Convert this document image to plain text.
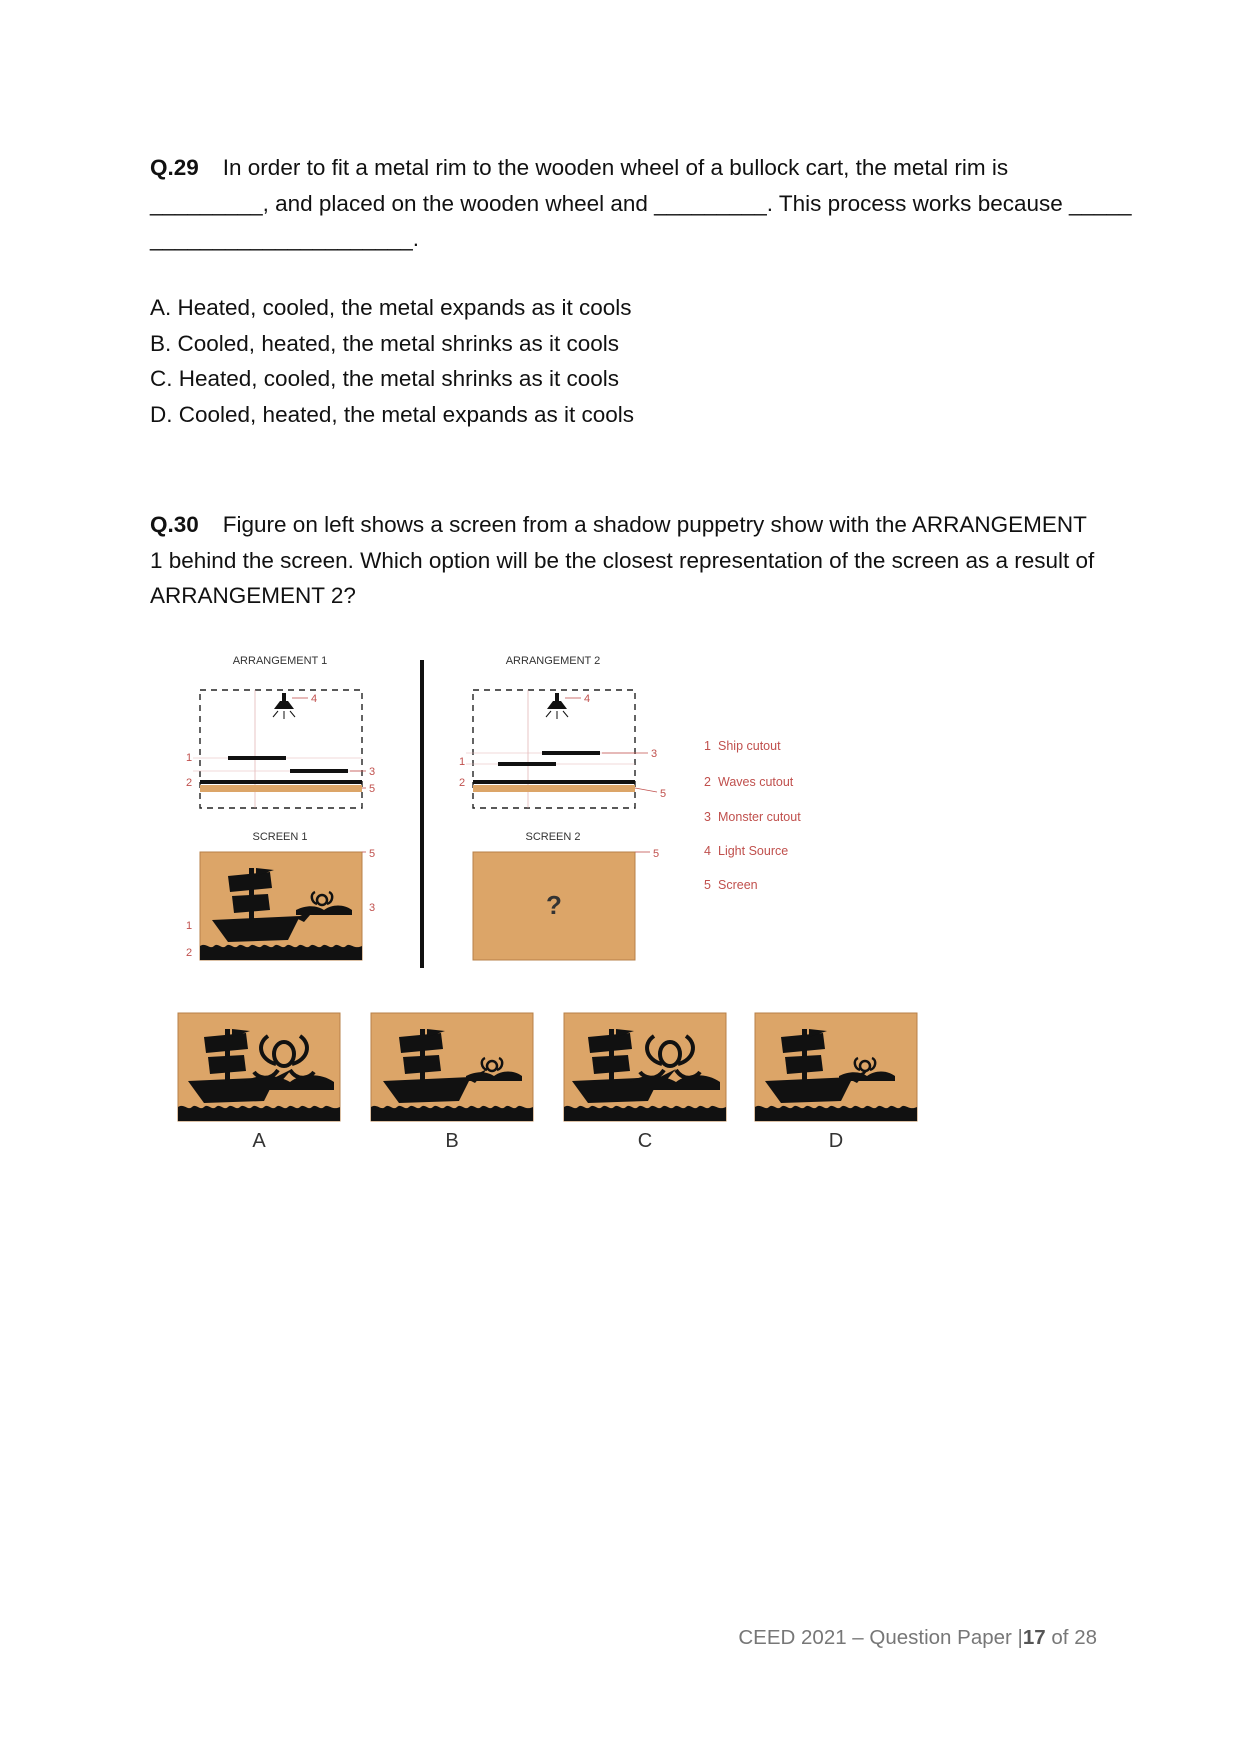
Q.29 In order to fit a metal rim to the wooden wheel of a bullock cart, the metal rim is
_________, and placed on the wooden wheel and _________. This process works because _____
_____________________.
A. Heated, cooled, the metal expands as it cools
B. Cooled, heated, the metal shrinks as it cools
C. Heated, cooled, the metal shrinks as it cools
D. Cooled, heated, the metal expands as it cools
Q.30 Figure on left shows a screen from a shadow puppetry show with the ARRANGEMENT 1 behind the screen. Which option will be the closest representation of the screen as a result of ARRANGEMENT 2?
ARRANGEMENT 1
4
3
5
1
2
SCREEN 1
5
3
1
2
ARRANGEMENT 2
4
3
5
1
2
SCREEN 2
?
5
1 Ship cutout
2 Waves cutout
3 Monster cutout
4 Light Source
5 Screen
A	B	C	D
CEED 2021 – Question Paper |17 of 28
